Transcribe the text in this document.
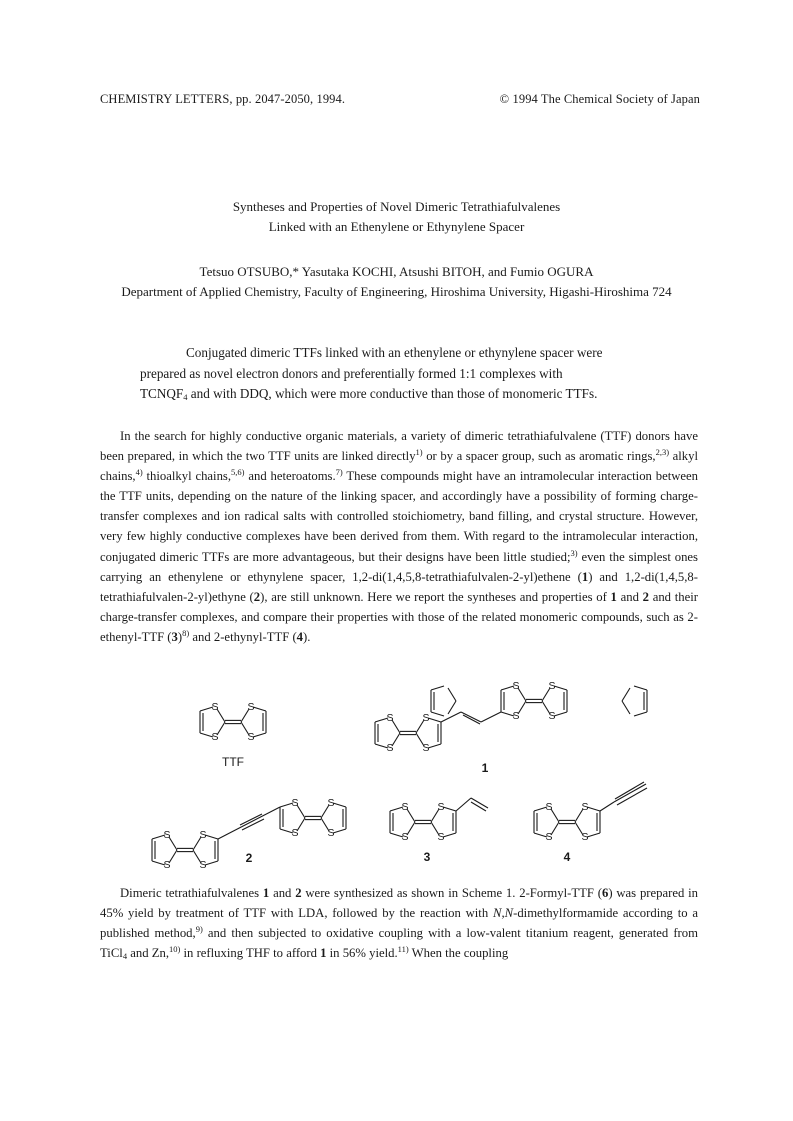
CHEMISTRY LETTERS, pp. 2047-2050, 1994.	© 1994 The Chemical Society of Japan
Syntheses and Properties of Novel Dimeric Tetrathiafulvalenes
Linked with an Ethenylene or Ethynylene Spacer
Tetsuo OTSUBO,* Yasutaka KOCHI, Atsushi BITOH, and Fumio OGURA
Department of Applied Chemistry, Faculty of Engineering, Hiroshima University, Higashi-Hiroshima 724

Conjugated dimeric TTFs linked with an ethenylene or ethynylene spacer were

prepared as novel electron donors and preferentially formed 1:1 complexes with

$TCNQF_4$ and with DDQ, which were more conductive than those of monomeric TTFs.

In the search for highly conductive organic materials, a variety of dimeric tetrathiafulvalene (TTF) donors have been prepared, in which the two TTF units are linked directly$^{1)}$ or by a spacer group, such as aromatic rings,$^{2,3)}$ alkyl chains,$^{4)}$ thioalkyl chains,$^{5,6)}$ and heteroatoms.$^{7)}$ These compounds might have an intramolecular interaction between the TTF units, depending on the nature of the linking spacer, and accordingly have a possibility of forming charge-transfer complexes and ion radical salts with controlled stoichiometry, band filling, and crystal structure. However, very few highly conductive complexes have been derived from them. With regard to the intramolecular interaction, conjugated dimeric TTFs are more advantageous, but their designs have been little studied;$^{3)}$ even the simplest ones carrying an ethenylene or ethynylene spacer, 1,2-di(1,4,5,8-tetrathiafulvalen-2-yl)ethene (1) and 1,2-di(1,4,5,8-tetrathiafulvalen-2-yl)ethyne (2), are still unknown. Here we report the syntheses and properties of 1 and 2 and their charge-transfer complexes, and compare their properties with those of the related monomeric compounds, such as 2-ethenyl-TTF $(3)^{8)}$ and 2-ethynyl-TTF (4).

S
S
S
S
TTF
S
S
S
S
S
S
S
S
1
S
S
S
S
S
S
S
S
2
S
S
S
S
3
S
S
S
S
4

Dimeric tetrathiafulvalenes 1 and 2 were synthesized as shown in Scheme 1. 2-Formyl-TTF (6) was prepared in 45% yield by treatment of TTF with LDA, followed by the reaction with N,N-dimethylformamide according to a published method,$^{9)}$ and then subjected to oxidative coupling with a low-valent titanium reagent, generated from TiCl$_4$ and Zn,$^{10)}$ in refluxing THF to afford 1 in 56% yield.$^{11)}$ When the coupling
